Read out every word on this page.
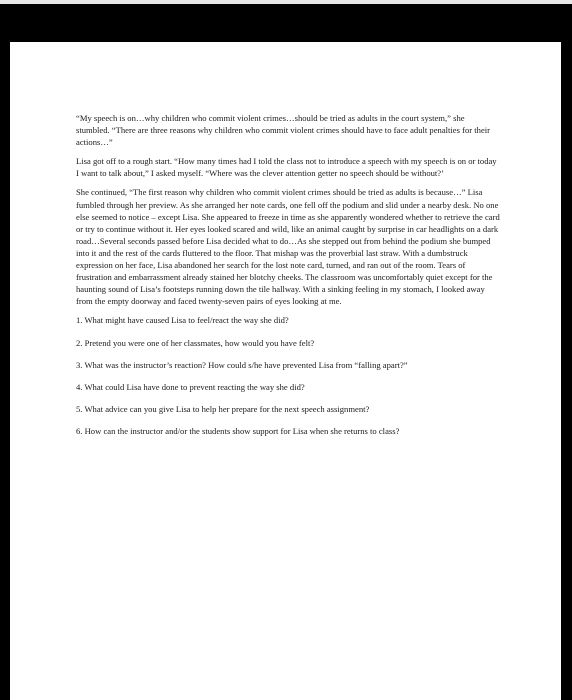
“My speech is on…why children who commit violent crimes…should be tried as adults in the court system,” she stumbled. “There are three reasons why children who commit violent crimes should have to face adult penalties for their actions…”

Lisa got off to a rough start. “How many times had I told the class not to introduce a speech with my speech is on or today I want to talk about,” I asked myself. “Where was the clever attention getter no speech should be without?’

She continued, “The first reason why children who commit violent crimes should be tried as adults is because…” Lisa fumbled through her preview. As she arranged her note cards, one fell off the podium and slid under a nearby desk. No one else seemed to notice – except Lisa. She appeared to freeze in time as she apparently wondered whether to retrieve the card or try to continue without it. Her eyes looked scared and wild, like an animal caught by surprise in car headlights on a dark road…Several seconds passed before Lisa decided what to do…As she stepped out from behind the podium she bumped into it and the rest of the cards fluttered to the floor. That mishap was the proverbial last straw. With a dumbstruck expression on her face, Lisa abandoned her search for the lost note card, turned, and ran out of the room. Tears of frustration and embarrassment already stained her blotchy cheeks. The classroom was uncomfortably quiet except for the haunting sound of Lisa’s footsteps running down the tile hallway. With a sinking feeling in my stomach, I looked away from the empty doorway and faced twenty-seven pairs of eyes looking at me.

1. What might have caused Lisa to feel/react the way she did?

2. Pretend you were one of her classmates, how would you have felt?

3. What was the instructor’s reaction? How could s/he have prevented Lisa from “falling apart?”

4. What could Lisa have done to prevent reacting the way she did?

5. What advice can you give Lisa to help her prepare for the next speech assignment?

6. How can the instructor and/or the students show support for Lisa when she returns to class?
